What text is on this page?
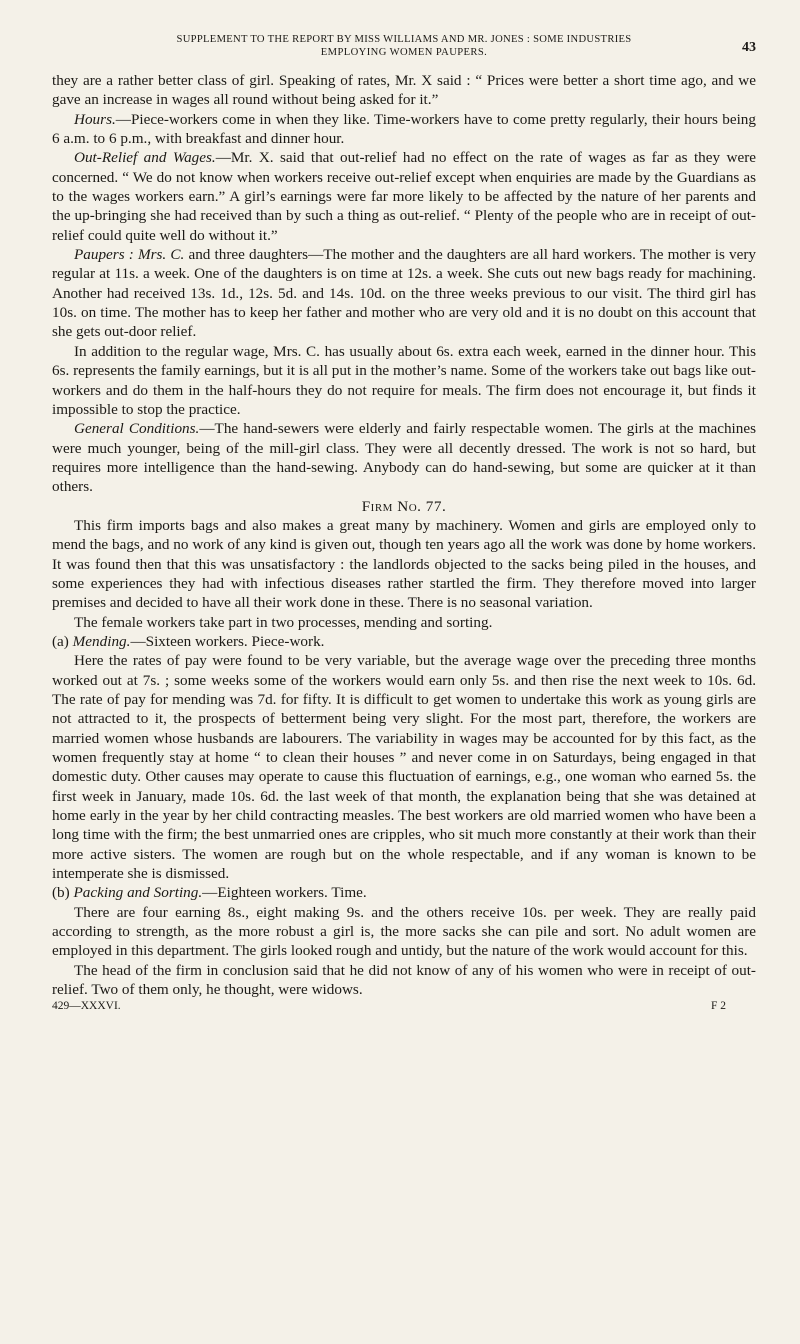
SUPPLEMENT TO THE REPORT BY MISS WILLIAMS AND MR. JONES : SOME INDUSTRIES
43
EMPLOYING WOMEN PAUPERS.

they are a rather better class of girl. Speaking of rates, Mr. X said : “ Prices were better a short time ago, and we gave an increase in wages all round without being asked for it.”

Hours.—Piece-workers come in when they like. Time-workers have to come pretty regularly, their hours being 6 a.m. to 6 p.m., with breakfast and dinner hour.

Out-Relief and Wages.—Mr. X. said that out-relief had no effect on the rate of wages as far as they were concerned. “ We do not know when workers receive out-relief except when enquiries are made by the Guardians as to the wages workers earn.” A girl’s earnings were far more likely to be affected by the nature of her parents and the up-bringing she had received than by such a thing as out-relief. “ Plenty of the people who are in receipt of out-relief could quite well do without it.”

Paupers : Mrs. C. and three daughters—The mother and the daughters are all hard workers. The mother is very regular at 11s. a week. One of the daughters is on time at 12s. a week. She cuts out new bags ready for machining. Another had received 13s. 1d., 12s. 5d. and 14s. 10d. on the three weeks previous to our visit. The third girl has 10s. on time. The mother has to keep her father and mother who are very old and it is no doubt on this account that she gets out-door relief.

In addition to the regular wage, Mrs. C. has usually about 6s. extra each week, earned in the dinner hour. This 6s. represents the family earnings, but it is all put in the mother’s name. Some of the workers take out bags like out-workers and do them in the half-hours they do not require for meals. The firm does not encourage it, but finds it impossible to stop the practice.

General Conditions.—The hand-sewers were elderly and fairly respectable women. The girls at the machines were much younger, being of the mill-girl class. They were all decently dressed. The work is not so hard, but requires more intelligence than the hand-sewing. Anybody can do hand-sewing, but some are quicker at it than others.

Firm No. 77.

This firm imports bags and also makes a great many by machinery. Women and girls are employed only to mend the bags, and no work of any kind is given out, though ten years ago all the work was done by home workers. It was found then that this was unsatisfactory : the landlords objected to the sacks being piled in the houses, and some experiences they had with infectious diseases rather startled the firm. They therefore moved into larger premises and decided to have all their work done in these. There is no seasonal variation.

The female workers take part in two processes, mending and sorting.

(a) Mending.—Sixteen workers. Piece-work.

Here the rates of pay were found to be very variable, but the average wage over the preceding three months worked out at 7s. ; some weeks some of the workers would earn only 5s. and then rise the next week to 10s. 6d. The rate of pay for mending was 7d. for fifty. It is difficult to get women to undertake this work as young girls are not attracted to it, the prospects of betterment being very slight. For the most part, therefore, the workers are married women whose husbands are labourers. The variability in wages may be accounted for by this fact, as the women frequently stay at home “ to clean their houses ” and never come in on Saturdays, being engaged in that domestic duty. Other causes may operate to cause this fluctuation of earnings, e.g., one woman who earned 5s. the first week in January, made 10s. 6d. the last week of that month, the explanation being that she was detained at home early in the year by her child contracting measles. The best workers are old married women who have been a long time with the firm; the best unmarried ones are cripples, who sit much more constantly at their work than their more active sisters. The women are rough but on the whole respectable, and if any woman is known to be intemperate she is dismissed.

(b) Packing and Sorting.—Eighteen workers. Time.

There are four earning 8s., eight making 9s. and the others receive 10s. per week. They are really paid according to strength, as the more robust a girl is, the more sacks she can pile and sort. No adult women are employed in this department. The girls looked rough and untidy, but the nature of the work would account for this.

The head of the firm in conclusion said that he did not know of any of his women who were in receipt of out-relief. Two of them only, he thought, were widows.

429—XXXVI.	F 2
